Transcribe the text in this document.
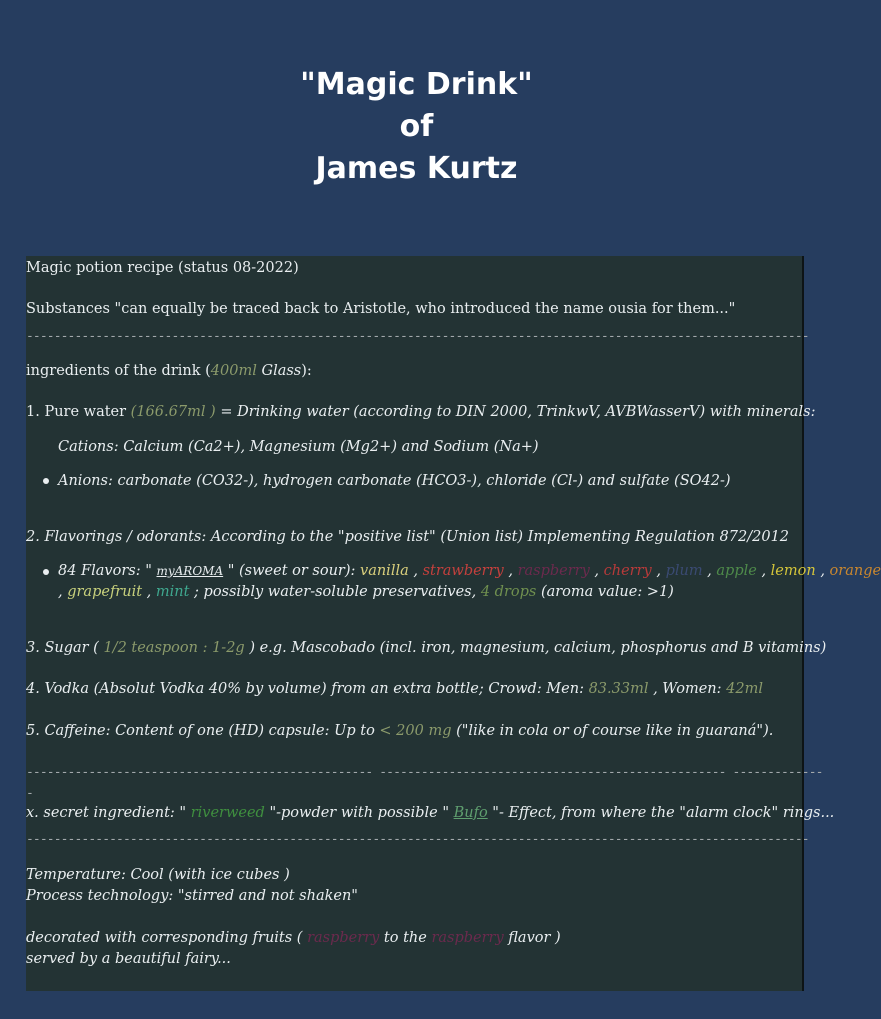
"Magic Drink"
of
James Kurtz
Magic potion recipe (status 08-2022)
Substances "can equally be traced back to Aristotle, who introduced the name ousia for them..."
-----------------------------------------------------------------------------------------------------------------
ingredients of the drink (400ml Glass):
1. Pure water (166.67ml ) = Drinking water (according to DIN 2000, TrinkwV, AVBWasserV) with minerals:
Cations: Calcium (Ca2+), Magnesium (Mg2+) and Sodium (Na+)
Anions: carbonate (CO32-), hydrogen carbonate (HCO3-), chloride (Cl-) and sulfate (SO42-)
2. Flavorings / odorants: According to the "positive list" (Union list) Implementing Regulation 872/2012
84 Flavors: " myAROMA " (sweet or sour): vanilla , strawberry , raspberry , cherry , plum , apple , lemon , orange
, grapefruit , mint ; possibly water-soluble preservatives, 4 drops (aroma value: >1)
3. Sugar ( 1/2 teaspoon : 1-2g ) e.g. Mascobado (incl. iron, magnesium, calcium, phosphorus and B vitamins)
4. Vodka (Absolut Vodka 40% by volume) from an extra bottle; Crowd: Men: 83.33ml , Women: 42ml
5. Caffeine: Content of one (HD) capsule: Up to < 200 mg ("like in cola or of course like in guaraná").
-------------------------------------------------- -------------------------------------------------- -------------
-
x. secret ingredient: " riverweed "-powder with possible " Bufo "- Effect, from where the "alarm clock" rings...
-----------------------------------------------------------------------------------------------------------------
Temperature: Cool (with ice cubes )
Process technology: "stirred and not shaken"
decorated with corresponding fruits ( raspberry to the raspberry flavor )
served by a beautiful fairy...
